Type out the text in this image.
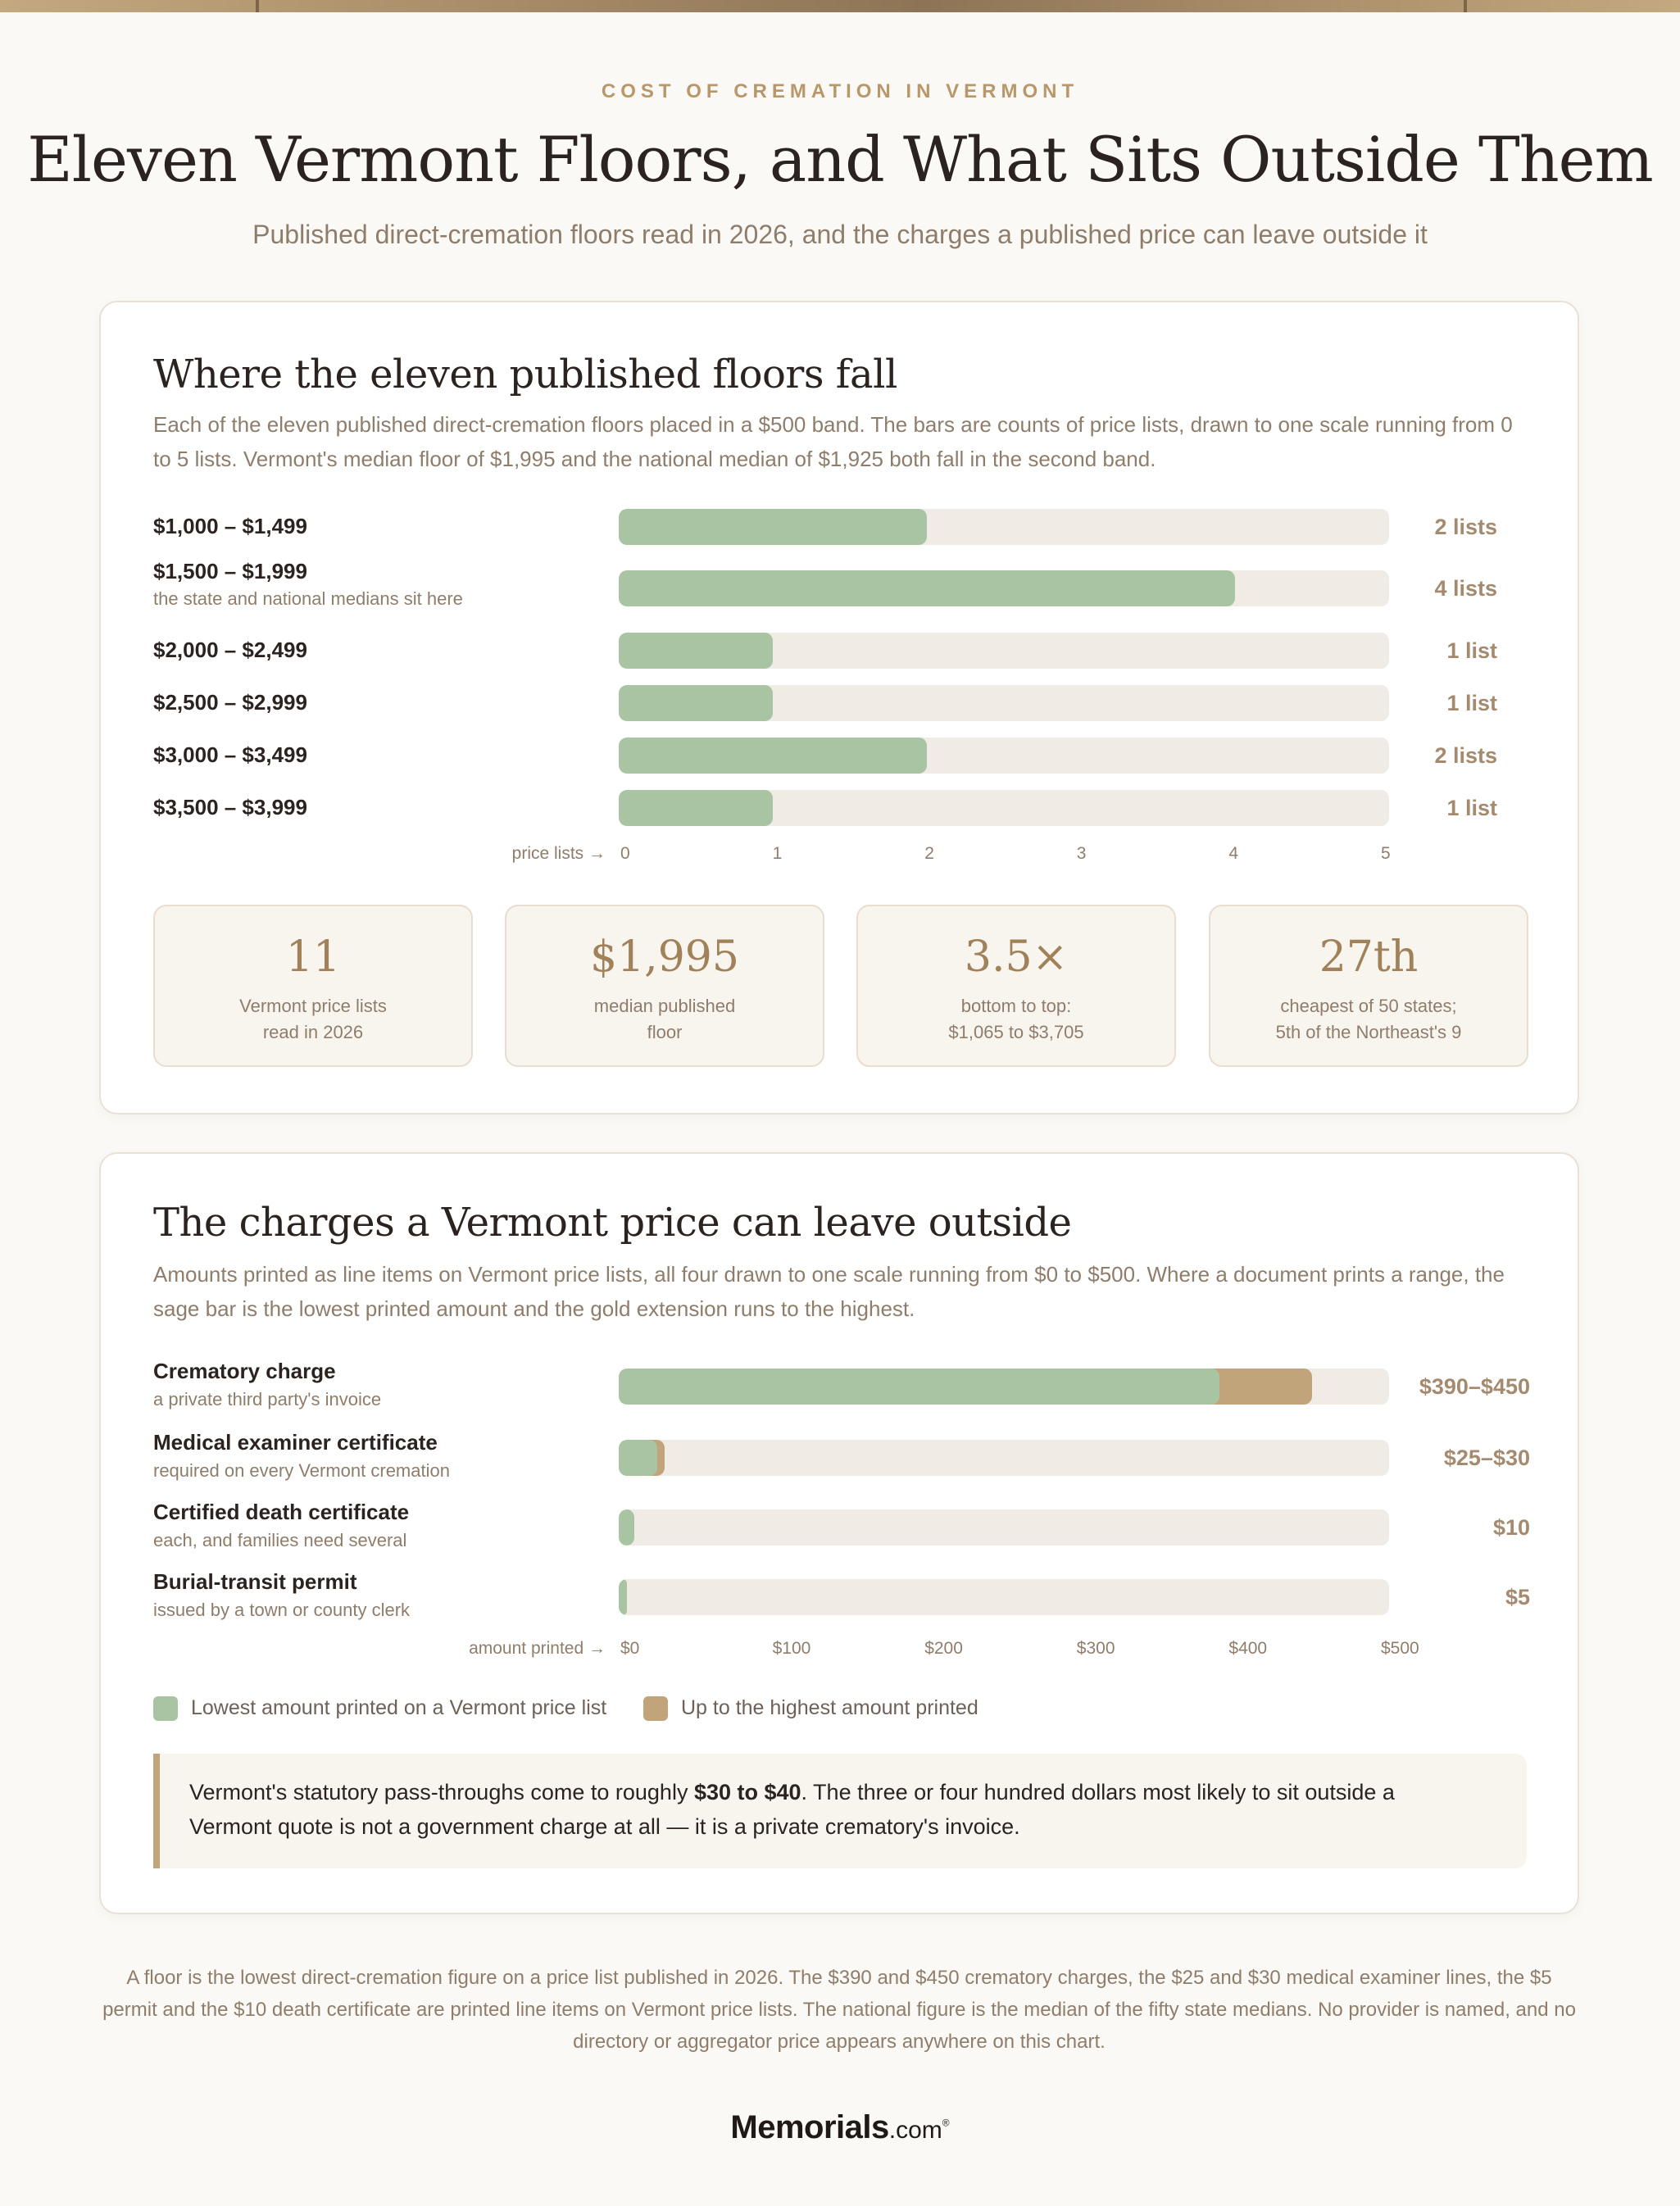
COST OF CREMATION IN VERMONT
Eleven Vermont Floors, and What Sits Outside Them
Published direct-cremation floors read in 2026, and the charges a published price can leave outside it
Where the eleven published floors fall

Each of the eleven published direct-cremation floors placed in a $500 band. The bars are counts of price lists, drawn to one scale running from 0 to 5 lists. Vermont's median floor of $1,995 and the national median of $1,925 both fall in the second band.

$1,000 – $1,499	2 lists
$1,500 – $1,999
the state and national medians sit here	4 lists
$2,000 – $2,499	1 list
$2,500 – $2,999	1 list
$3,000 – $3,499	2 lists
$3,500 – $3,999	1 list
price lists → 0	1	2	3	4	5
11
Vermont price lists
read in 2026
$1,995
median published
floor
3.5×
bottom to top:
$1,065 to $3,705
27th
cheapest of 50 states;
5th of the Northeast's 9
The charges a Vermont price can leave outside

Amounts printed as line items on Vermont price lists, all four drawn to one scale running from $0 to $500. Where a document prints a range, the sage bar is the lowest printed amount and the gold extension runs to the highest.

Crematory charge
a private third party's invoice
$390–$450
Medical examiner certificate
required on every Vermont cremation
$25–$30
Certified death certificate
each, and families need several
$10
Burial-transit permit
issued by a town or county clerk
$5
amount printed → $0	$100	$200	$300	$400	$500
Lowest amount printed on a Vermont price list	Up to the highest amount printed
Vermont's statutory pass-throughs come to roughly $30 to $40. The three or four hundred dollars most likely to sit outside a Vermont quote is not a government charge at all — it is a private crematory's invoice.
A floor is the lowest direct-cremation figure on a price list published in 2026. The $390 and $450 crematory charges, the $25 and $30 medical examiner lines, the $5 permit and the $10 death certificate are printed line items on Vermont price lists. The national figure is the median of the fifty state medians. No provider is named, and no directory or aggregator price appears anywhere on this chart.
Memorials.com®
